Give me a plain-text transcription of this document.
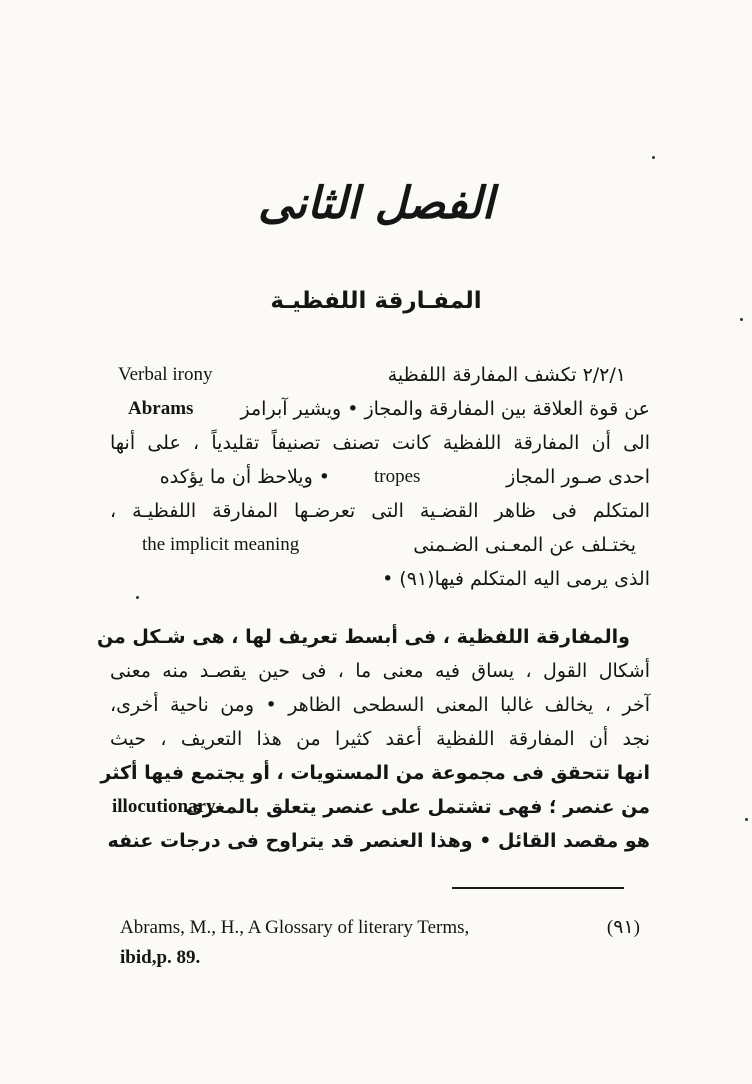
الفصل الثانى
المفـارقة اللفظيـة
٢/٢/١ تكشف المفارقة اللفظية
Verbal irony
عن قوة العلاقة بين المفارقة والمجاز • ويشير آبرامز
Abrams
الى أن المفارقة اللفظية كانت تصنف تصنيفاً تقليدياً ، على أنها
احدى صـور المجاز
tropes
• ويلاحظ أن ما يؤكده
المتكلم فى ظاهر القضـية التى تعرضـها المفارقة اللفظيـة ،
يختـلف عن المعـنى الضـمنى
the implicit meaning
الذى يرمى اليه المتكلم فيها(٩١) •
والمفارقة اللفظية ، فى أبسط تعريف لها ، هى شـكل من
أشكال القول ، يساق فيه معنى ما ، فى حين يقصـد منه معنى
آخر ، يخالف غالبا المعنى السطحى الظاهر • ومن ناحية أخرى،
نجد أن المفارقة اللفظية أعقد كثيرا من هذا التعريف ، حيث
انها تتحقق فى مجموعة من المستويات ، أو يجتمع فيها أكثر
من عنصر ؛ فهى تشتمل على عنصر يتعلق بالمغزى
illocutionary
هو مقصد القائل • وهذا العنصر قد يتراوح فى درجات عنفه
Abrams, M., H., A Glossary of literary Terms,	(٩١)
ibid,p. 89.
